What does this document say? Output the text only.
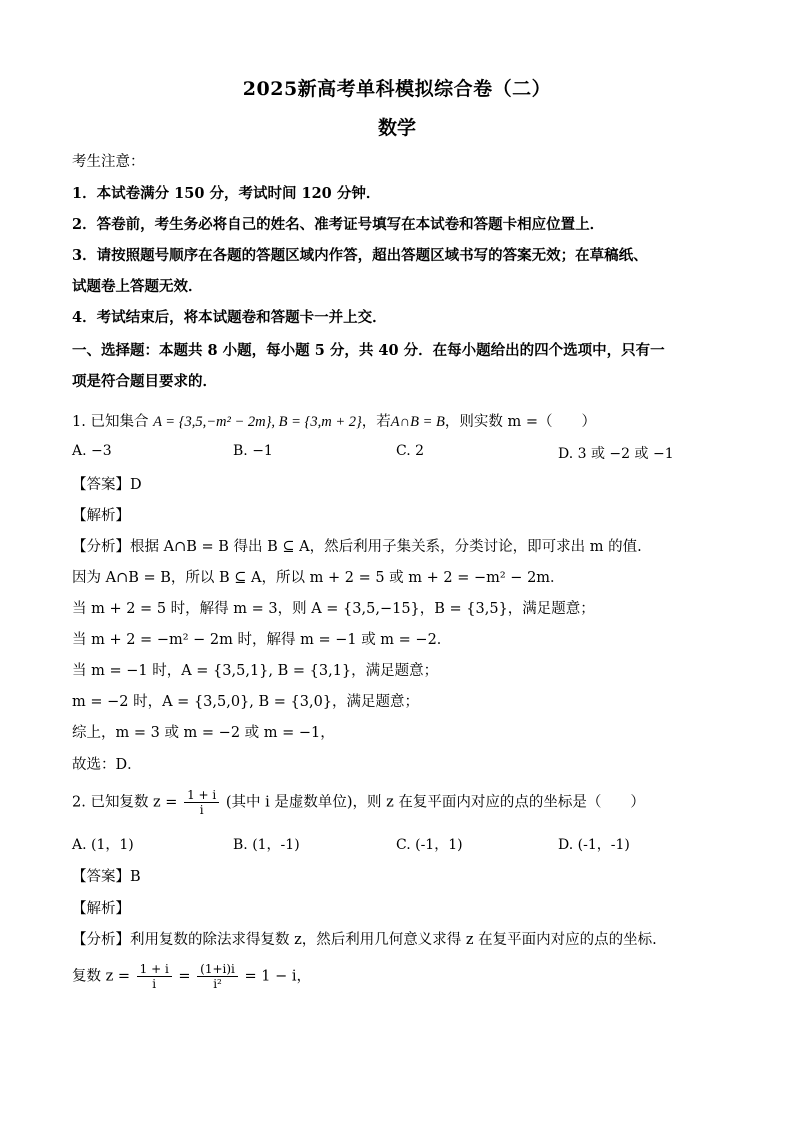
2025新高考单科模拟综合卷（二）
数学
考生注意：
1．本试卷满分 150 分，考试时间 120 分钟．
2．答卷前，考生务必将自己的姓名、准考证号填写在本试卷和答题卡相应位置上．
3．请按照题号顺序在各题的答题区域内作答，超出答题区域书写的答案无效；在草稿纸、
试题卷上答题无效．
4．考试结束后，将本试题卷和答题卡一并上交．
一、选择题：本题共 8 小题，每小题 5 分，共 40 分．在每小题给出的四个选项中，只有一
项是符合题目要求的．
1. 已知集合 A = {3,5,−m² − 2m}, B = {3,m + 2}，若A∩B = B，则实数 m =（　　）
A. −3	B. −1	C. 2	D. 3 或 −2 或 −1
【答案】D
【解析】
【分析】根据 A∩B = B 得出 B ⊆ A，然后利用子集关系，分类讨论，即可求出 m 的值.
因为 A∩B = B，所以 B ⊆ A，所以 m + 2 = 5 或 m + 2 = −m² − 2m．
当 m + 2 = 5 时，解得 m = 3，则 A = {3,5,−15}，B = {3,5}，满足题意；
当 m + 2 = −m² − 2m 时，解得 m = −1 或 m = −2．
当 m = −1 时，A = {3,5,1}, B = {3,1}，满足题意；
m = −2 时，A = {3,5,0}, B = {3,0}，满足题意；
综上，m = 3 或 m = −2 或 m = −1，
故选：D．
2. 已知复数 $z = \frac{1 + i}{i}$ (其中 i 是虚数单位)，则 z 在复平面内对应的点的坐标是（　　）
A. (1，1)	B. (1，-1)	C. (-1，1)	D. (-1，-1)
【答案】B
【解析】
【分析】利用复数的除法求得复数 z，然后利用几何意义求得 z 在复平面内对应的点的坐标.
复数 $z = \frac{1 + i}{i} = \frac{(1+i)i}{\text{i²}} = 1 - i$，
